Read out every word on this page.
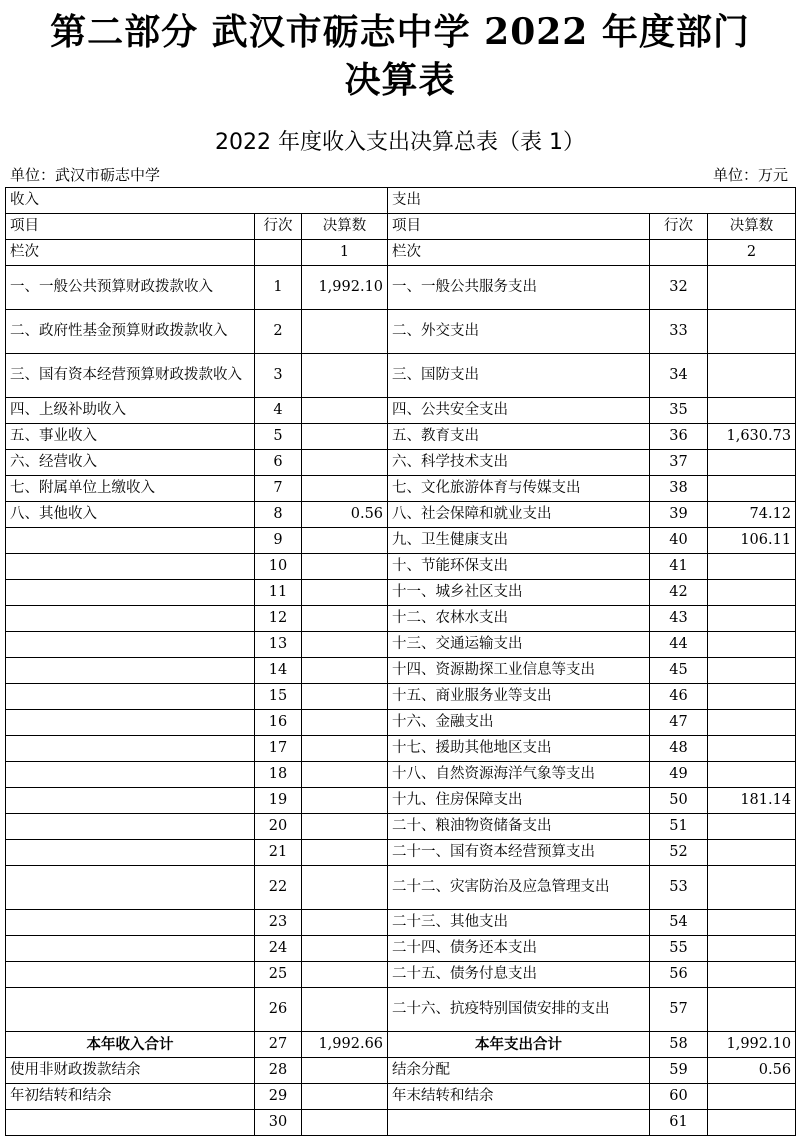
第二部分 武汉市砺志中学 2022 年度部门
决算表
2022 年度收入支出决算总表（表 1）
单位：武汉市砺志中学	单位：万元
收入			支出		
项目	行次	决算数	项目	行次	决算数
栏次		1	栏次		2
一、一般公共预算财政拨款收入	1	1,992.10	一、一般公共服务支出	32	
二、政府性基金预算财政拨款收入	2		二、外交支出	33	
三、国有资本经营预算财政拨款收入	3		三、国防支出	34	
四、上级补助收入	4		四、公共安全支出	35	
五、事业收入	5		五、教育支出	36	1,630.73
六、经营收入	6		六、科学技术支出	37	
七、附属单位上缴收入	7		七、文化旅游体育与传媒支出	38	
八、其他收入	8	0.56	八、社会保障和就业支出	39	74.12
	9		九、卫生健康支出	40	106.11
	10		十、节能环保支出	41	
	11		十一、城乡社区支出	42	
	12		十二、农林水支出	43	
	13		十三、交通运输支出	44	
	14		十四、资源勘探工业信息等支出	45	
	15		十五、商业服务业等支出	46	
	16		十六、金融支出	47	
	17		十七、援助其他地区支出	48	
	18		十八、自然资源海洋气象等支出	49	
	19		十九、住房保障支出	50	181.14
	20		二十、粮油物资储备支出	51	
	21		二十一、国有资本经营预算支出	52	
	22		二十二、灾害防治及应急管理支出	53	
	23		二十三、其他支出	54	
	24		二十四、债务还本支出	55	
	25		二十五、债务付息支出	56	
	26		二十六、抗疫特别国债安排的支出	57	
本年收入合计	27	1,992.66	本年支出合计	58	1,992.10
使用非财政拨款结余	28		结余分配	59	0.56
年初结转和结余	29		年末结转和结余	60	
	30			61	
